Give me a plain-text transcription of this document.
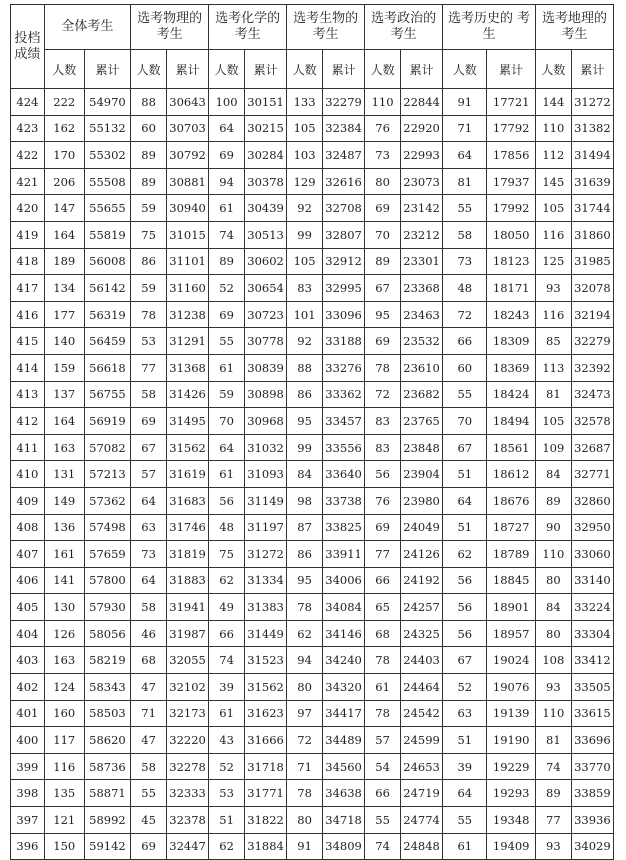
投档成绩	全体考生		选考物理的考生		选考化学的考生		选考生物的考生		选考政治的考生		选考历史的 考生		选考地理的考生	
	人数	累计	人数	累计	人数	累计	人数	累计	人数	累计	人数	累计	人数	累计
424	222	54970	88	30643	100	30151	133	32279	110	22844	91	17721	144	31272
423	162	55132	60	30703	64	30215	105	32384	76	22920	71	17792	110	31382
422	170	55302	89	30792	69	30284	103	32487	73	22993	64	17856	112	31494
421	206	55508	89	30881	94	30378	129	32616	80	23073	81	17937	145	31639
420	147	55655	59	30940	61	30439	92	32708	69	23142	55	17992	105	31744
419	164	55819	75	31015	74	30513	99	32807	70	23212	58	18050	116	31860
418	189	56008	86	31101	89	30602	105	32912	89	23301	73	18123	125	31985
417	134	56142	59	31160	52	30654	83	32995	67	23368	48	18171	93	32078
416	177	56319	78	31238	69	30723	101	33096	95	23463	72	18243	116	32194
415	140	56459	53	31291	55	30778	92	33188	69	23532	66	18309	85	32279
414	159	56618	77	31368	61	30839	88	33276	78	23610	60	18369	113	32392
413	137	56755	58	31426	59	30898	86	33362	72	23682	55	18424	81	32473
412	164	56919	69	31495	70	30968	95	33457	83	23765	70	18494	105	32578
411	163	57082	67	31562	64	31032	99	33556	83	23848	67	18561	109	32687
410	131	57213	57	31619	61	31093	84	33640	56	23904	51	18612	84	32771
409	149	57362	64	31683	56	31149	98	33738	76	23980	64	18676	89	32860
408	136	57498	63	31746	48	31197	87	33825	69	24049	51	18727	90	32950
407	161	57659	73	31819	75	31272	86	33911	77	24126	62	18789	110	33060
406	141	57800	64	31883	62	31334	95	34006	66	24192	56	18845	80	33140
405	130	57930	58	31941	49	31383	78	34084	65	24257	56	18901	84	33224
404	126	58056	46	31987	66	31449	62	34146	68	24325	56	18957	80	33304
403	163	58219	68	32055	74	31523	94	34240	78	24403	67	19024	108	33412
402	124	58343	47	32102	39	31562	80	34320	61	24464	52	19076	93	33505
401	160	58503	71	32173	61	31623	97	34417	78	24542	63	19139	110	33615
400	117	58620	47	32220	43	31666	72	34489	57	24599	51	19190	81	33696
399	116	58736	58	32278	52	31718	71	34560	54	24653	39	19229	74	33770
398	135	58871	55	32333	53	31771	78	34638	66	24719	64	19293	89	33859
397	121	58992	45	32378	51	31822	80	34718	55	24774	55	19348	77	33936
396	150	59142	69	32447	62	31884	91	34809	74	24848	61	19409	93	34029
